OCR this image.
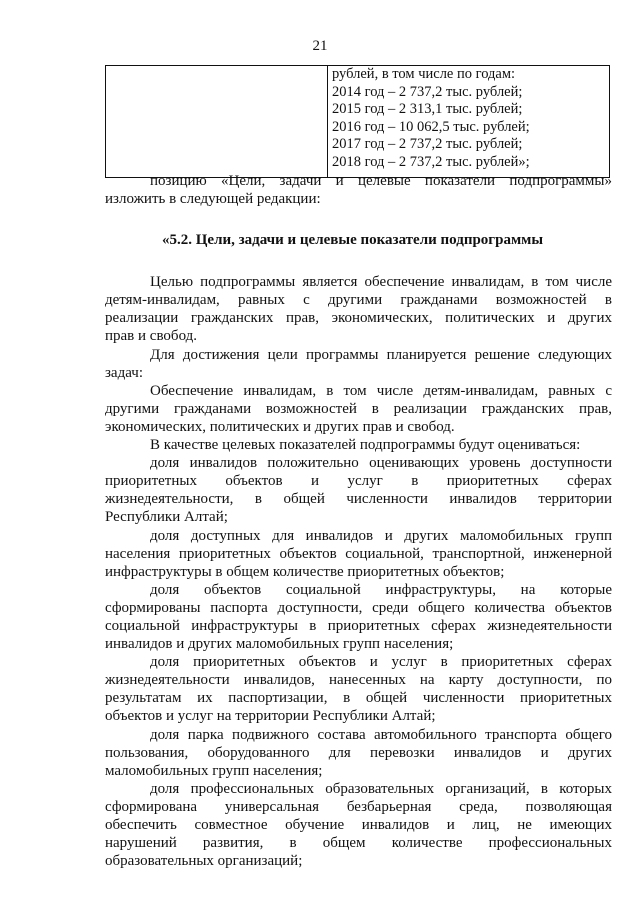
21

рублей, в том числе по годам:
2014 год – 2 737,2 тыс. рублей;
2015 год – 2 313,1 тыс. рублей;
2016 год – 10 062,5 тыс. рублей;
2017 год – 2 737,2 тыс. рублей;
2018 год – 2 737,2 тыс. рублей»;
позицию «Цели, задачи и целевые показатели подпрограммы»
изложить в следующей редакции:
«5.2. Цели, задачи и целевые показатели подпрограммы
Целью подпрограммы является обеспечение инвалидам, в том числе
детям-инвалидам, равных с другими гражданами возможностей в
реализации гражданских прав, экономических, политических и других
прав и свобод.
Для достижения цели программы планируется решение следующих
задач:
Обеспечение инвалидам, в том числе детям-инвалидам, равных с
другими гражданами возможностей в реализации гражданских прав,
экономических, политических и других прав и свобод.
В качестве целевых показателей подпрограммы будут оцениваться:
доля инвалидов положительно оценивающих уровень доступности
приоритетных объектов и услуг в приоритетных сферах
жизнедеятельности, в общей численности инвалидов территории
Республики Алтай;
доля доступных для инвалидов и других маломобильных групп
населения приоритетных объектов социальной, транспортной, инженерной
инфраструктуры в общем количестве приоритетных объектов;
доля объектов социальной инфраструктуры, на которые
сформированы паспорта доступности, среди общего количества объектов
социальной инфраструктуры в приоритетных сферах жизнедеятельности
инвалидов и других маломобильных групп населения;
доля приоритетных объектов и услуг в приоритетных сферах
жизнедеятельности инвалидов, нанесенных на карту доступности, по
результатам их паспортизации, в общей численности приоритетных
объектов и услуг на территории Республики Алтай;
доля парка подвижного состава автомобильного транспорта общего
пользования, оборудованного для перевозки инвалидов и других
маломобильных групп населения;
доля профессиональных образовательных организаций, в которых
сформирована универсальная безбарьерная среда, позволяющая
обеспечить совместное обучение инвалидов и лиц, не имеющих
нарушений развития, в общем количестве профессиональных
образовательных организаций;
